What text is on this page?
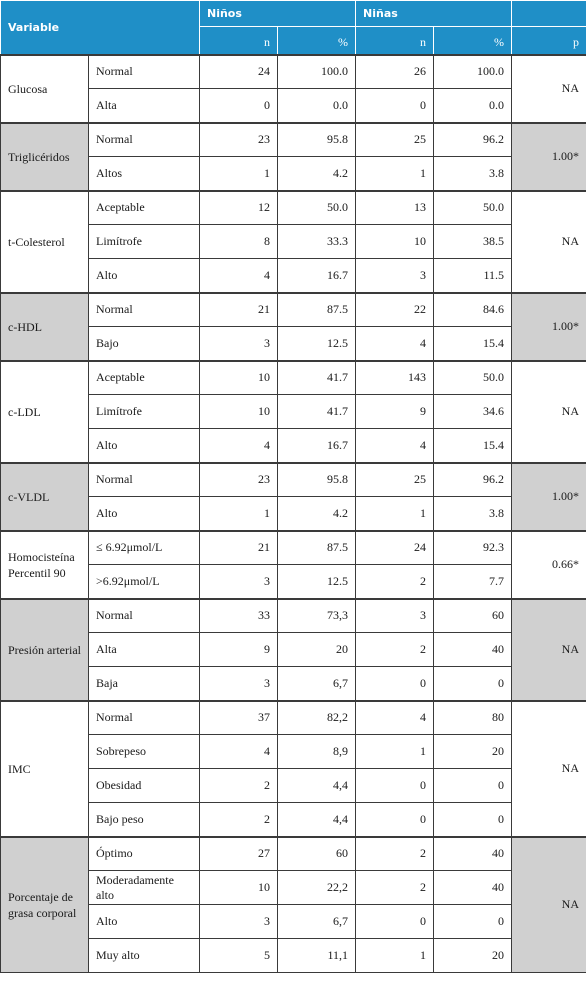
Variable		Niños		Niñas		
		n	%	n	%	p
Glucosa	Normal	24	100.0	26	100.0	NA
	Alta	0	0.0	0	0.0	
Triglicéridos	Normal	23	95.8	25	96.2	1.00*
	Altos	1	4.2	1	3.8	
t-Colesterol	Aceptable	12	50.0	13	50.0	NA
	Limítrofe	8	33.3	10	38.5	
	Alto	4	16.7	3	11.5	
c-HDL	Normal	21	87.5	22	84.6	1.00*
	Bajo	3	12.5	4	15.4	
c-LDL	Aceptable	10	41.7	143	50.0	NA
	Limítrofe	10	41.7	9	34.6	
	Alto	4	16.7	4	15.4	
c-VLDL	Normal	23	95.8	25	96.2	1.00*
	Alto	1	4.2	1	3.8	
Homocisteína Percentil 90	≤ 6.92μmol/L	21	87.5	24	92.3	0.66*
	>6.92μmol/L	3	12.5	2	7.7	
Presión arterial	Normal	33	73,3	3	60	NA
	Alta	9	20	2	40	
	Baja	3	6,7	0	0	
IMC	Normal	37	82,2	4	80	NA
	Sobrepeso	4	8,9	1	20	
	Obesidad	2	4,4	0	0	
	Bajo peso	2	4,4	0	0	
Porcentaje de grasa corporal	Óptimo	27	60	2	40	NA
	Moderadamente alto	10	22,2	2	40	
	Alto	3	6,7	0	0	
	Muy alto	5	11,1	1	20	
